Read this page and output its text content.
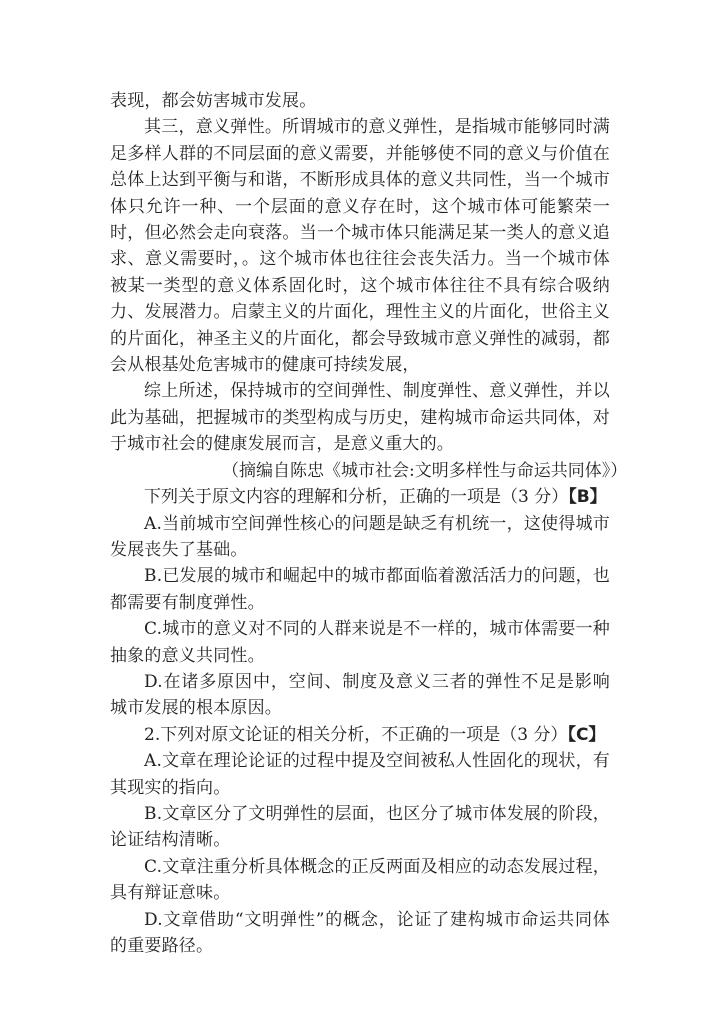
表现，都会妨害城市发展。

其三，意义弹性。所谓城市的意义弹性，是指城市能够同时满足多样人群的不同层面的意义需要，并能够使不同的意义与价值在总体上达到平衡与和谐，不断形成具体的意义共同性，当一个城市体只允许一种、一个层面的意义存在时，这个城市体可能繁荣一时，但必然会走向衰落。当一个城市体只能满足某一类人的意义追求、意义需要时，。这个城市体也往往会丧失活力。当一个城市体被某一类型的意义体系固化时，这个城市体往往不具有综合吸纳力、发展潜力。启蒙主义的片面化，理性主义的片面化，世俗主义的片面化，神圣主义的片面化，都会导致城市意义弹性的减弱，都会从根基处危害城市的健康可持续发展，

综上所述，保持城市的空间弹性、制度弹性、意义弹性，并以此为基础，把握城市的类型构成与历史，建构城市命运共同体，对于城市社会的健康发展而言，是意义重大的。

（摘编自陈忠《城市社会:文明多样性与命运共同体》）

下列关于原文内容的理解和分析，正确的一项是（3 分）【B】

A.当前城市空间弹性核心的问题是缺乏有机统一，这使得城市发展丧失了基础。

B.已发展的城市和崛起中的城市都面临着激活活力的问题，也都需要有制度弹性。

C.城市的意义对不同的人群来说是不一样的，城市体需要一种抽象的意义共同性。

D.在诸多原因中，空间、制度及意义三者的弹性不足是影响城市发展的根本原因。

2.下列对原文论证的相关分析，不正确的一项是（3 分）【C】

A.文章在理论论证的过程中提及空间被私人性固化的现状，有其现实的指向。

B.文章区分了文明弹性的层面，也区分了城市体发展的阶段，论证结构清晰。

C.文章注重分析具体概念的正反两面及相应的动态发展过程，具有辩证意味。

D.文章借助“文明弹性”的概念，论证了建构城市命运共同体的重要路径。
